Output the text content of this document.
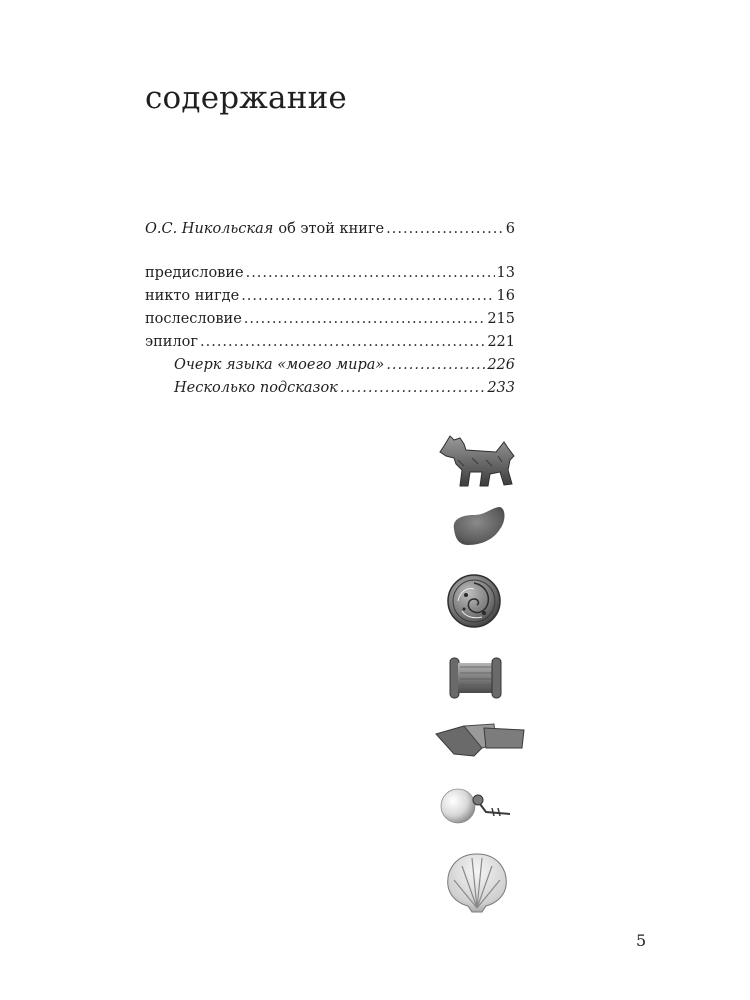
содержание
О.С. Никольская об этой книге .....	6
предисловие .....	13
никто нигде .....	16
послесловие .....	215
эпилог .....	221
Очерк языка «моего мира» .....	226
Несколько подсказок .....	233
5
